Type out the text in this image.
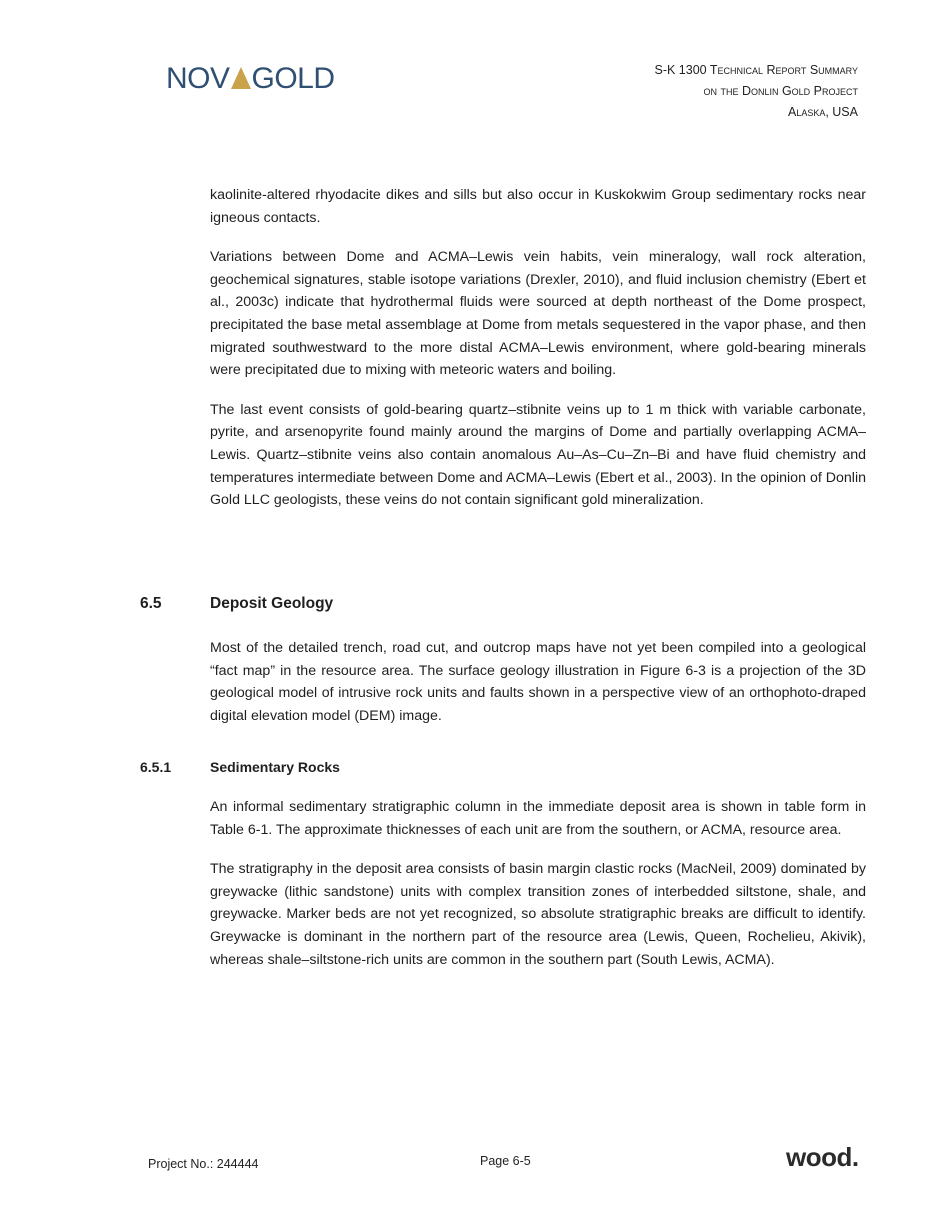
NOV GOLD	S-K 1300 Technical Report Summary
on the Donlin Gold Project
Alaska, USA

kaolinite-altered rhyodacite dikes and sills but also occur in Kuskokwim Group sedimentary rocks near igneous contacts.

Variations between Dome and ACMA–Lewis vein habits, vein mineralogy, wall rock alteration, geochemical signatures, stable isotope variations (Drexler, 2010), and fluid inclusion chemistry (Ebert et al., 2003c) indicate that hydrothermal fluids were sourced at depth northeast of the Dome prospect, precipitated the base metal assemblage at Dome from metals sequestered in the vapor phase, and then migrated southwestward to the more distal ACMA–Lewis environment, where gold-bearing minerals were precipitated due to mixing with meteoric waters and boiling.

The last event consists of gold-bearing quartz–stibnite veins up to 1 m thick with variable carbonate, pyrite, and arsenopyrite found mainly around the margins of Dome and partially overlapping ACMA–Lewis. Quartz–stibnite veins also contain anomalous Au–As–Cu–Zn–Bi and have fluid chemistry and temperatures intermediate between Dome and ACMA–Lewis (Ebert et al., 2003). In the opinion of Donlin Gold LLC geologists, these veins do not contain significant gold mineralization.

6.5	Deposit Geology

Most of the detailed trench, road cut, and outcrop maps have not yet been compiled into a geological “fact map” in the resource area. The surface geology illustration in Figure 6-3 is a projection of the 3D geological model of intrusive rock units and faults shown in a perspective view of an orthophoto-draped digital elevation model (DEM) image.

6.5.1	Sedimentary Rocks

An informal sedimentary stratigraphic column in the immediate deposit area is shown in table form in Table 6-1. The approximate thicknesses of each unit are from the southern, or ACMA, resource area.

The stratigraphy in the deposit area consists of basin margin clastic rocks (MacNeil, 2009) dominated by greywacke (lithic sandstone) units with complex transition zones of interbedded siltstone, shale, and greywacke. Marker beds are not yet recognized, so absolute stratigraphic breaks are difficult to identify. Greywacke is dominant in the northern part of the resource area (Lewis, Queen, Rochelieu, Akivik), whereas shale–siltstone-rich units are common in the southern part (South Lewis, ACMA).

Project No.: 244444	Page 6-5	wood.
